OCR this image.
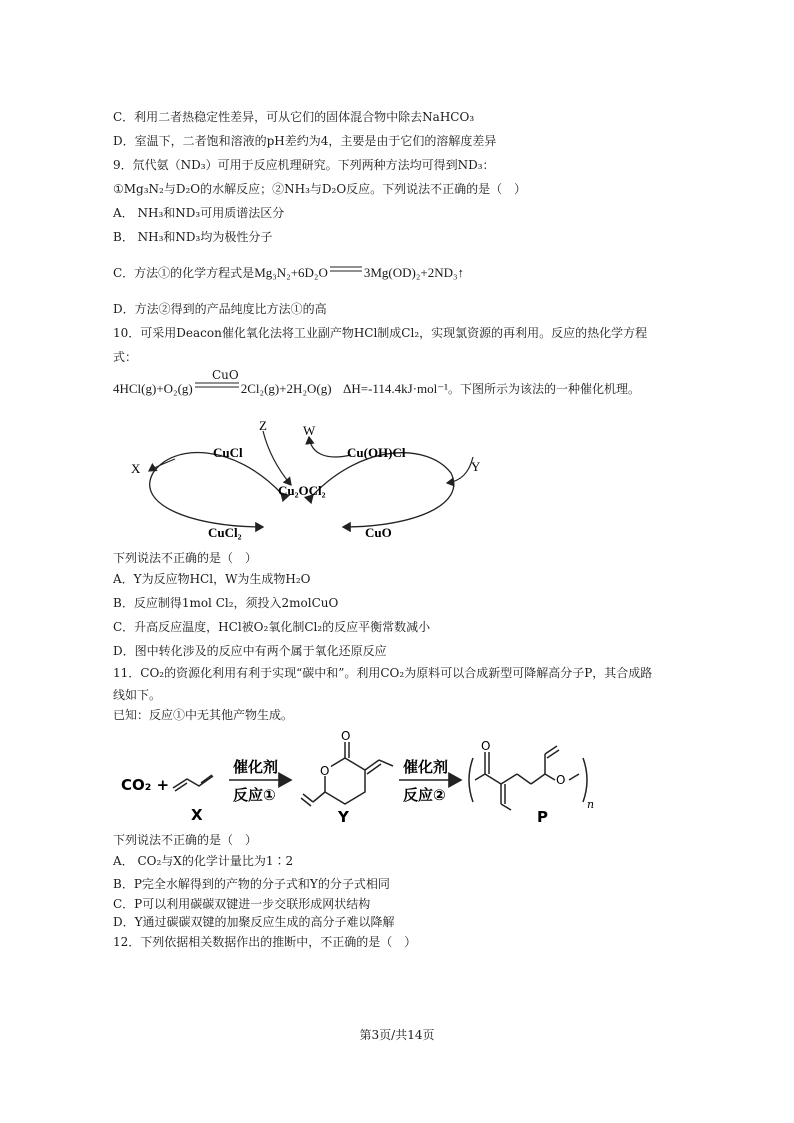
C．利用二者热稳定性差异，可从它们的固体混合物中除去NaHCO₃
D．室温下，二者饱和溶液的pH差约为4，主要是由于它们的溶解度差异
9．氘代氨（ND₃）可用于反应机理研究。下列两种方法均可得到ND₃：
①Mg₃N₂与D₂O的水解反应；②NH₃与D₂O反应。下列说法不正确的是（　）
A． NH₃和ND₃可用质谱法区分
B． NH₃和ND₃均为极性分子
C．方法①的化学方程式是Mg₃N₂+6D₂O	3Mg(OD)₂+2ND₃↑
D．方法②得到的产品纯度比方法①的高
10．可采用Deacon催化氧化法将工业副产物HCl制成Cl₂，实现氯资源的再利用。反应的热化学方程
式：
CuO
4HCl(g)+O₂(g)	2Cl₂(g)+2H₂O(g) ΔH=-114.4kJ·mol⁻¹。下图所示为该法的一种催化机理。
Z	W
CuCl	Cu(OH)Cl
Cu₂OCl₂
X	Y
CuCl₂	CuO
下列说法不正确的是（　）
A．Y为反应物HCl，W为生成物H₂O
B．反应制得1mol Cl₂，须投入2molCuO
C．升高反应温度，HCl被O₂氧化制Cl₂的反应平衡常数减小
D．图中转化涉及的反应中有两个属于氧化还原反应
11．CO₂的资源化利用有利于实现“碳中和”。利用CO₂为原料可以合成新型可降解高分子P，其合成路
线如下。
已知：反应①中无其他产物生成。
CO₂ +
X
催化剂
反应①
O
O
Y
催化剂
反应②
O
O
n
P
下列说法不正确的是（　）
A． CO₂与X的化学计量比为1∶2
B．P完全水解得到的产物的分子式和Y的分子式相同
C．P可以利用碳碳双键进一步交联形成网状结构
D．Y通过碳碳双键的加聚反应生成的高分子难以降解
12．下列依据相关数据作出的推断中，不正确的是（　）
第3页/共14页
